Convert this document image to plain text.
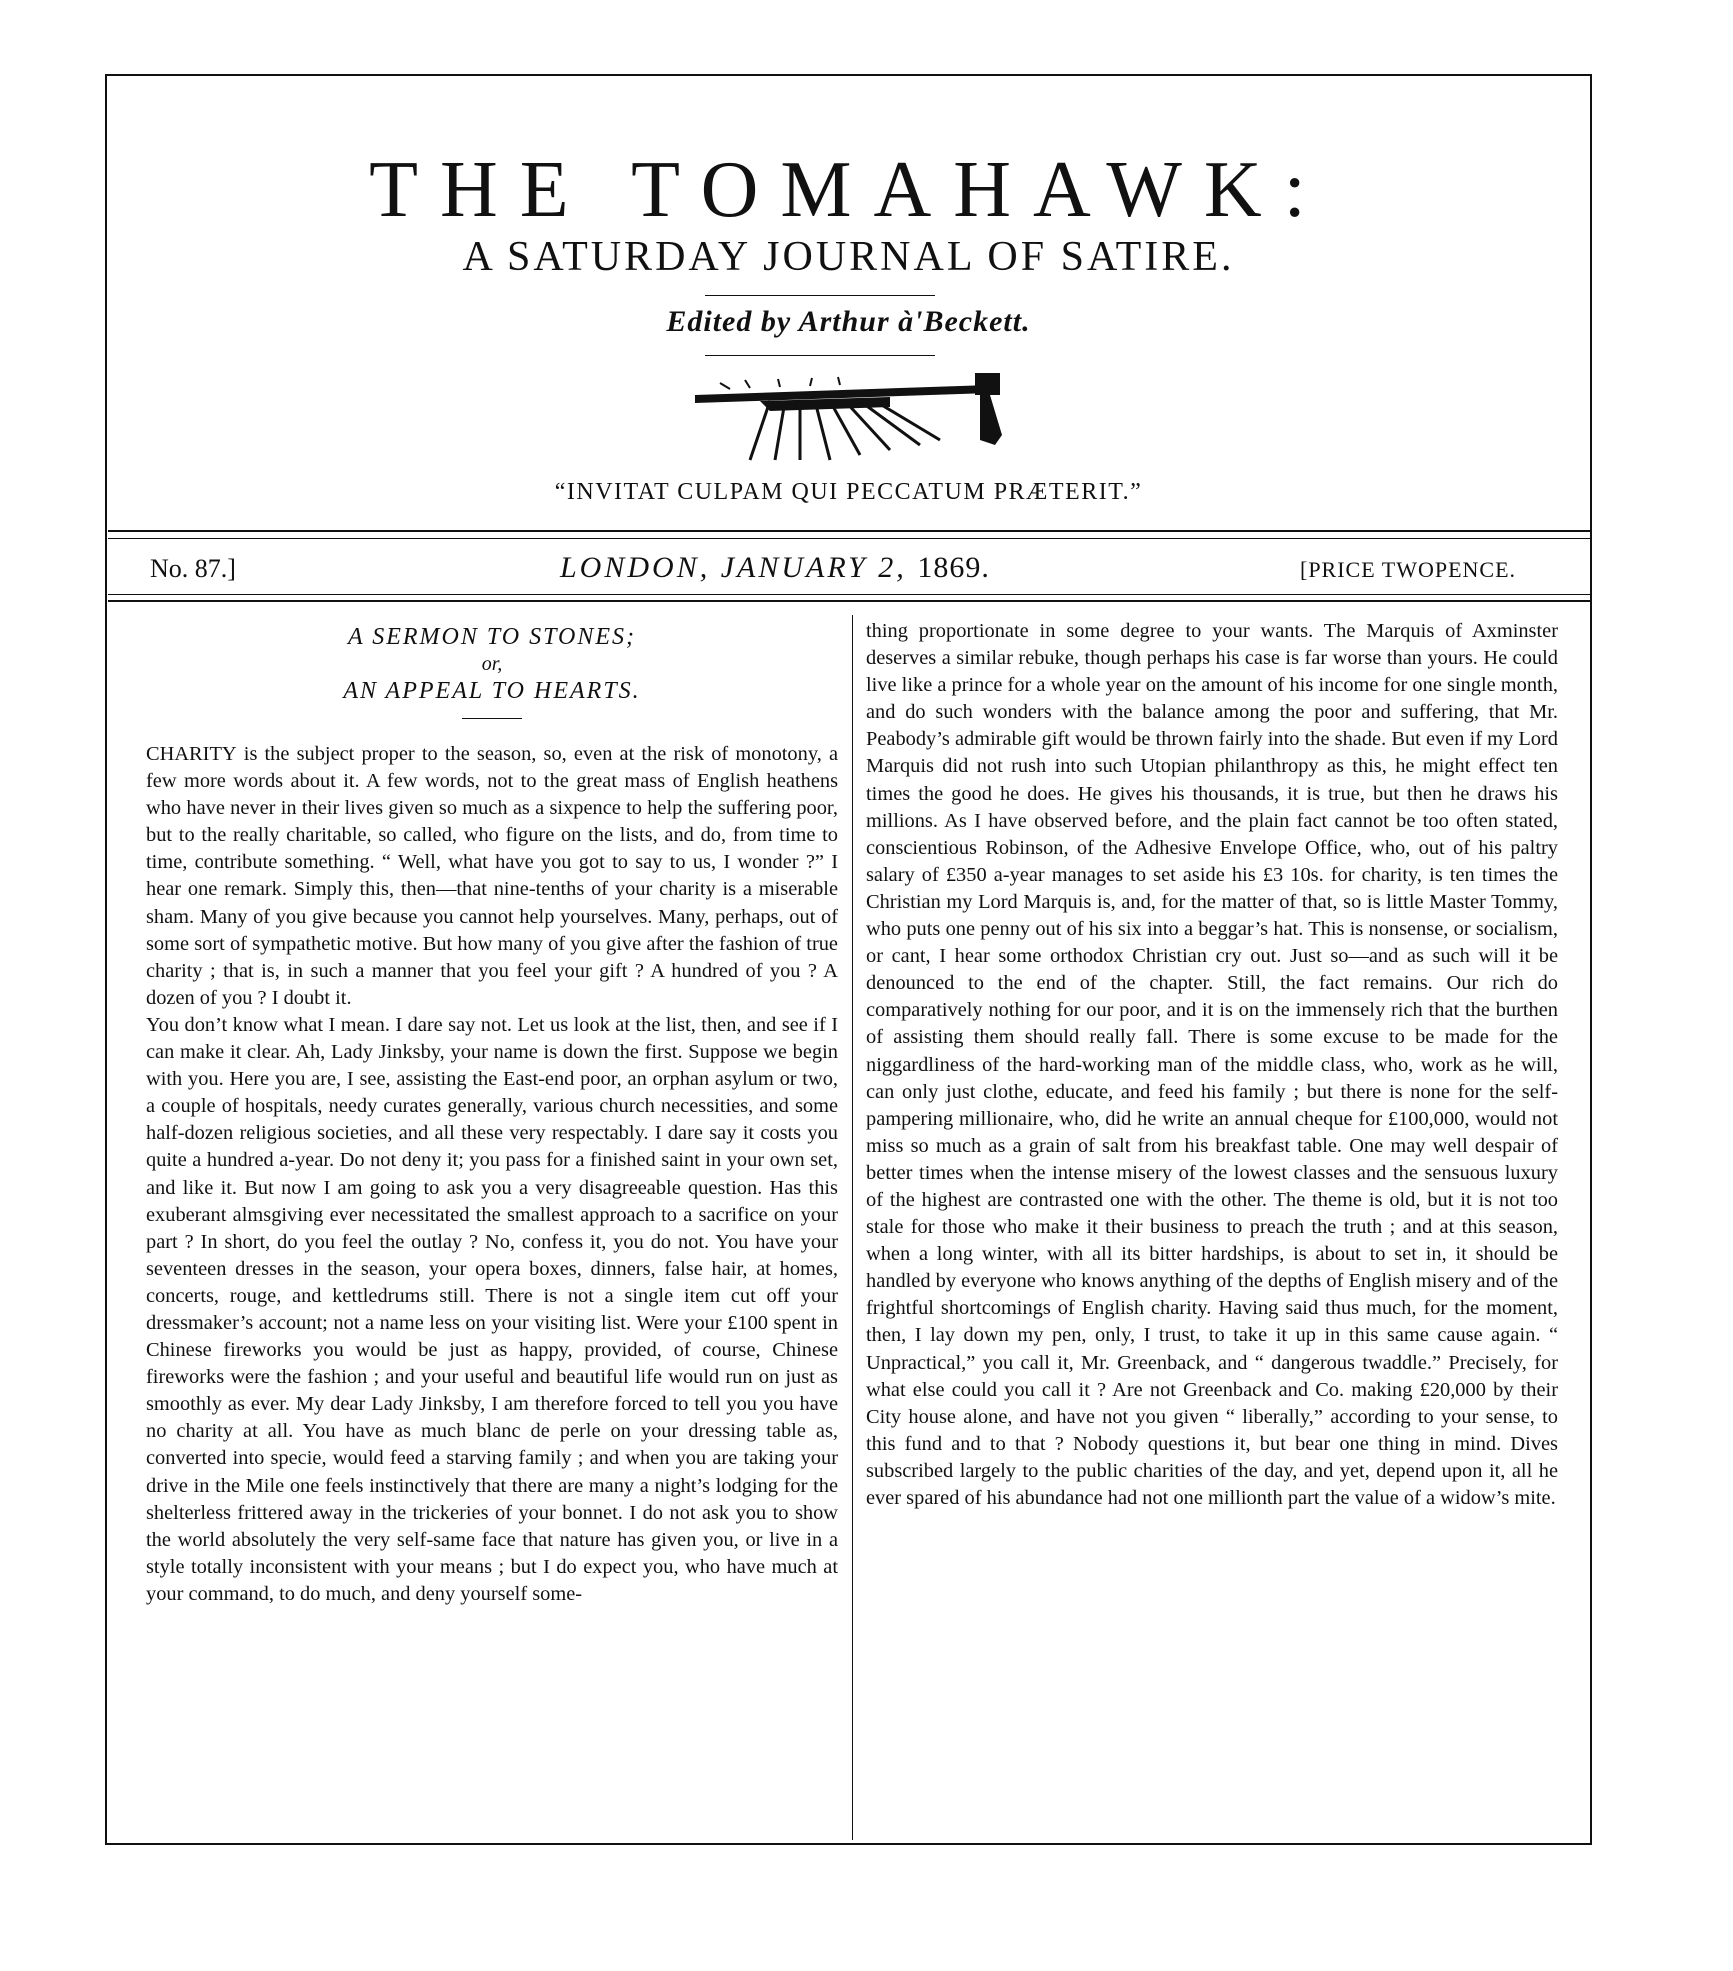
THE TOMAHAWK:
A SATURDAY JOURNAL OF SATIRE.
Edited by Arthur à'Beckett.
“INVITAT CULPAM QUI PECCATUM PRÆTERIT.”
No. 87.]	LONDON, JANUARY 2, 1869.	[PRICE TWOPENCE.
A SERMON TO STONES;
or,
AN APPEAL TO HEARTS.

CHARITY is the subject proper to the season, so, even at the risk of monotony, a few more words about it. A few words, not to the great mass of English heathens who have never in their lives given so much as a sixpence to help the suffering poor, but to the really charitable, so called, who figure on the lists, and do, from time to time, contribute something. “ Well, what have you got to say to us, I wonder ?” I hear one remark. Simply this, then—that nine-tenths of your charity is a miserable sham. Many of you give because you cannot help yourselves. Many, perhaps, out of some sort of sympathetic motive. But how many of you give after the fashion of true charity ; that is, in such a manner that you feel your gift ? A hundred of you ? A dozen of you ? I doubt it.

You don’t know what I mean. I dare say not. Let us look at the list, then, and see if I can make it clear. Ah, Lady Jinksby, your name is down the first. Suppose we begin with you. Here you are, I see, assisting the East-end poor, an orphan asylum or two, a couple of hospitals, needy curates generally, various church necessities, and some half-dozen religious societies, and all these very respectably. I dare say it costs you quite a hundred a-year. Do not deny it; you pass for a finished saint in your own set, and like it. But now I am going to ask you a very disagreeable question. Has this exuberant almsgiving ever necessitated the smallest approach to a sacrifice on your part ? In short, do you feel the outlay ? No, confess it, you do not. You have your seventeen dresses in the season, your opera boxes, dinners, false hair, at homes, concerts, rouge, and kettledrums still. There is not a single item cut off your dressmaker’s account; not a name less on your visiting list. Were your £100 spent in Chinese fireworks you would be just as happy, provided, of course, Chinese fireworks were the fashion ; and your useful and beautiful life would run on just as smoothly as ever. My dear Lady Jinksby, I am therefore forced to tell you you have no charity at all. You have as much blanc de perle on your dressing table as, converted into specie, would feed a starving family ; and when you are taking your drive in the Mile one feels instinctively that there are many a night’s lodging for the shelterless frittered away in the trickeries of your bonnet. I do not ask you to show the world absolutely the very self-same face that nature has given you, or live in a style totally inconsistent with your means ; but I do expect you, who have much at your command, to do much, and deny yourself some-

thing proportionate in some degree to your wants. The Marquis of Axminster deserves a similar rebuke, though perhaps his case is far worse than yours. He could live like a prince for a whole year on the amount of his income for one single month, and do such wonders with the balance among the poor and suffering, that Mr. Peabody’s admirable gift would be thrown fairly into the shade. But even if my Lord Marquis did not rush into such Utopian philanthropy as this, he might effect ten times the good he does. He gives his thousands, it is true, but then he draws his millions. As I have observed before, and the plain fact cannot be too often stated, conscientious Robinson, of the Adhesive Envelope Office, who, out of his paltry salary of £350 a-year manages to set aside his £3 10s. for charity, is ten times the Christian my Lord Marquis is, and, for the matter of that, so is little Master Tommy, who puts one penny out of his six into a beggar’s hat. This is nonsense, or socialism, or cant, I hear some orthodox Christian cry out. Just so—and as such will it be denounced to the end of the chapter. Still, the fact remains. Our rich do comparatively nothing for our poor, and it is on the immensely rich that the burthen of assisting them should really fall. There is some excuse to be made for the niggardliness of the hard-working man of the middle class, who, work as he will, can only just clothe, educate, and feed his family ; but there is none for the self-pampering millionaire, who, did he write an annual cheque for £100,000, would not miss so much as a grain of salt from his breakfast table. One may well despair of better times when the intense misery of the lowest classes and the sensuous luxury of the highest are contrasted one with the other. The theme is old, but it is not too stale for those who make it their business to preach the truth ; and at this season, when a long winter, with all its bitter hardships, is about to set in, it should be handled by everyone who knows anything of the depths of English misery and of the frightful shortcomings of English charity. Having said thus much, for the moment, then, I lay down my pen, only, I trust, to take it up in this same cause again. “ Unpractical,” you call it, Mr. Greenback, and “ dangerous twaddle.” Precisely, for what else could you call it ? Are not Greenback and Co. making £20,000 by their City house alone, and have not you given “ liberally,” according to your sense, to this fund and to that ? Nobody questions it, but bear one thing in mind. Dives subscribed largely to the public charities of the day, and yet, depend upon it, all he ever spared of his abundance had not one millionth part the value of a widow’s mite.
